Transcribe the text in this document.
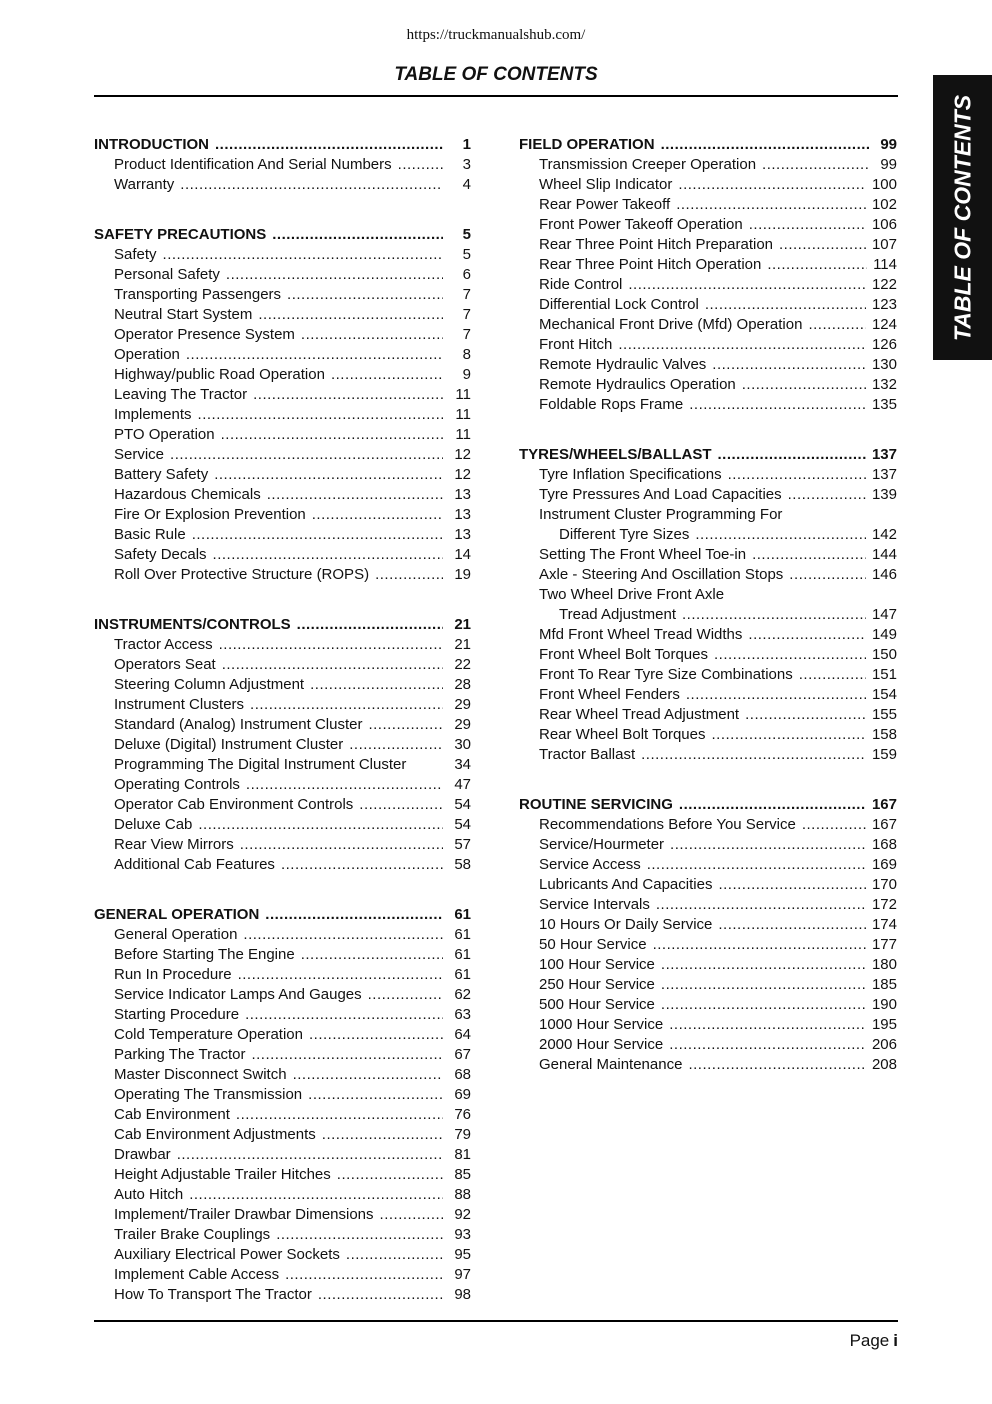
https://truckmanualshub.com/
TABLE OF CONTENTS
TABLE OF CONTENTS
INTRODUCTION .....	1
Product Identification And Serial Numbers .....	3
Warranty .....	4
SAFETY PRECAUTIONS .....	5
Safety .....	5
Personal Safety .....	6
Transporting Passengers .....	7
Neutral Start System .....	7
Operator Presence System .....	7
Operation .....	8
Highway/public Road Operation .....	9
Leaving The Tractor .....	11
Implements .....	11
PTO Operation .....	11
Service .....	12
Battery Safety .....	12
Hazardous Chemicals .....	13
Fire Or Explosion Prevention .....	13
Basic Rule .....	13
Safety Decals .....	14
Roll Over Protective Structure (ROPS) .....	19
INSTRUMENTS/CONTROLS .....	21
Tractor Access .....	21
Operators Seat .....	22
Steering Column Adjustment .....	28
Instrument Clusters .....	29
Standard (Analog) Instrument Cluster .....	29
Deluxe (Digital) Instrument Cluster .....	30
Programming The Digital Instrument Cluster	34
Operating Controls .....	47
Operator Cab Environment Controls .....	54
Deluxe Cab .....	54
Rear View Mirrors .....	57
Additional Cab Features .....	58
GENERAL OPERATION .....	61
General Operation .....	61
Before Starting The Engine .....	61
Run In Procedure .....	61
Service Indicator Lamps And Gauges .....	62
Starting Procedure .....	63
Cold Temperature Operation .....	64
Parking The Tractor .....	67
Master Disconnect Switch .....	68
Operating The Transmission .....	69
Cab Environment .....	76
Cab Environment Adjustments .....	79
Drawbar .....	81
Height Adjustable Trailer Hitches .....	85
Auto Hitch .....	88
Implement/Trailer Drawbar Dimensions .....	92
Trailer Brake Couplings .....	93
Auxiliary Electrical Power Sockets .....	95
Implement Cable Access .....	97
How To Transport The Tractor .....	98
FIELD OPERATION .....	99
Transmission Creeper Operation .....	99
Wheel Slip Indicator .....	100
Rear Power Takeoff .....	102
Front Power Takeoff Operation .....	106
Rear Three Point Hitch Preparation .....	107
Rear Three Point Hitch Operation .....	114
Ride Control .....	122
Differential Lock Control .....	123
Mechanical Front Drive (Mfd) Operation .....	124
Front Hitch .....	126
Remote Hydraulic Valves .....	130
Remote Hydraulics Operation .....	132
Foldable Rops Frame .....	135
TYRES/WHEELS/BALLAST .....	137
Tyre Inflation Specifications .....	137
Tyre Pressures And Load Capacities .....	139
Instrument Cluster Programming For
Different Tyre Sizes .....	142
Setting The Front Wheel Toe-in .....	144
Axle - Steering And Oscillation Stops .....	146
Two Wheel Drive Front Axle
Tread Adjustment .....	147
Mfd Front Wheel Tread Widths .....	149
Front Wheel Bolt Torques .....	150
Front To Rear Tyre Size Combinations .....	151
Front Wheel Fenders .....	154
Rear Wheel Tread Adjustment .....	155
Rear Wheel Bolt Torques .....	158
Tractor Ballast .....	159
ROUTINE SERVICING .....	167
Recommendations Before You Service .....	167
Service/Hourmeter .....	168
Service Access .....	169
Lubricants And Capacities .....	170
Service Intervals .....	172
10 Hours Or Daily Service .....	174
50 Hour Service .....	177
100 Hour Service .....	180
250 Hour Service .....	185
500 Hour Service .....	190
1000 Hour Service .....	195
2000 Hour Service .....	206
General Maintenance .....	208
Page i
